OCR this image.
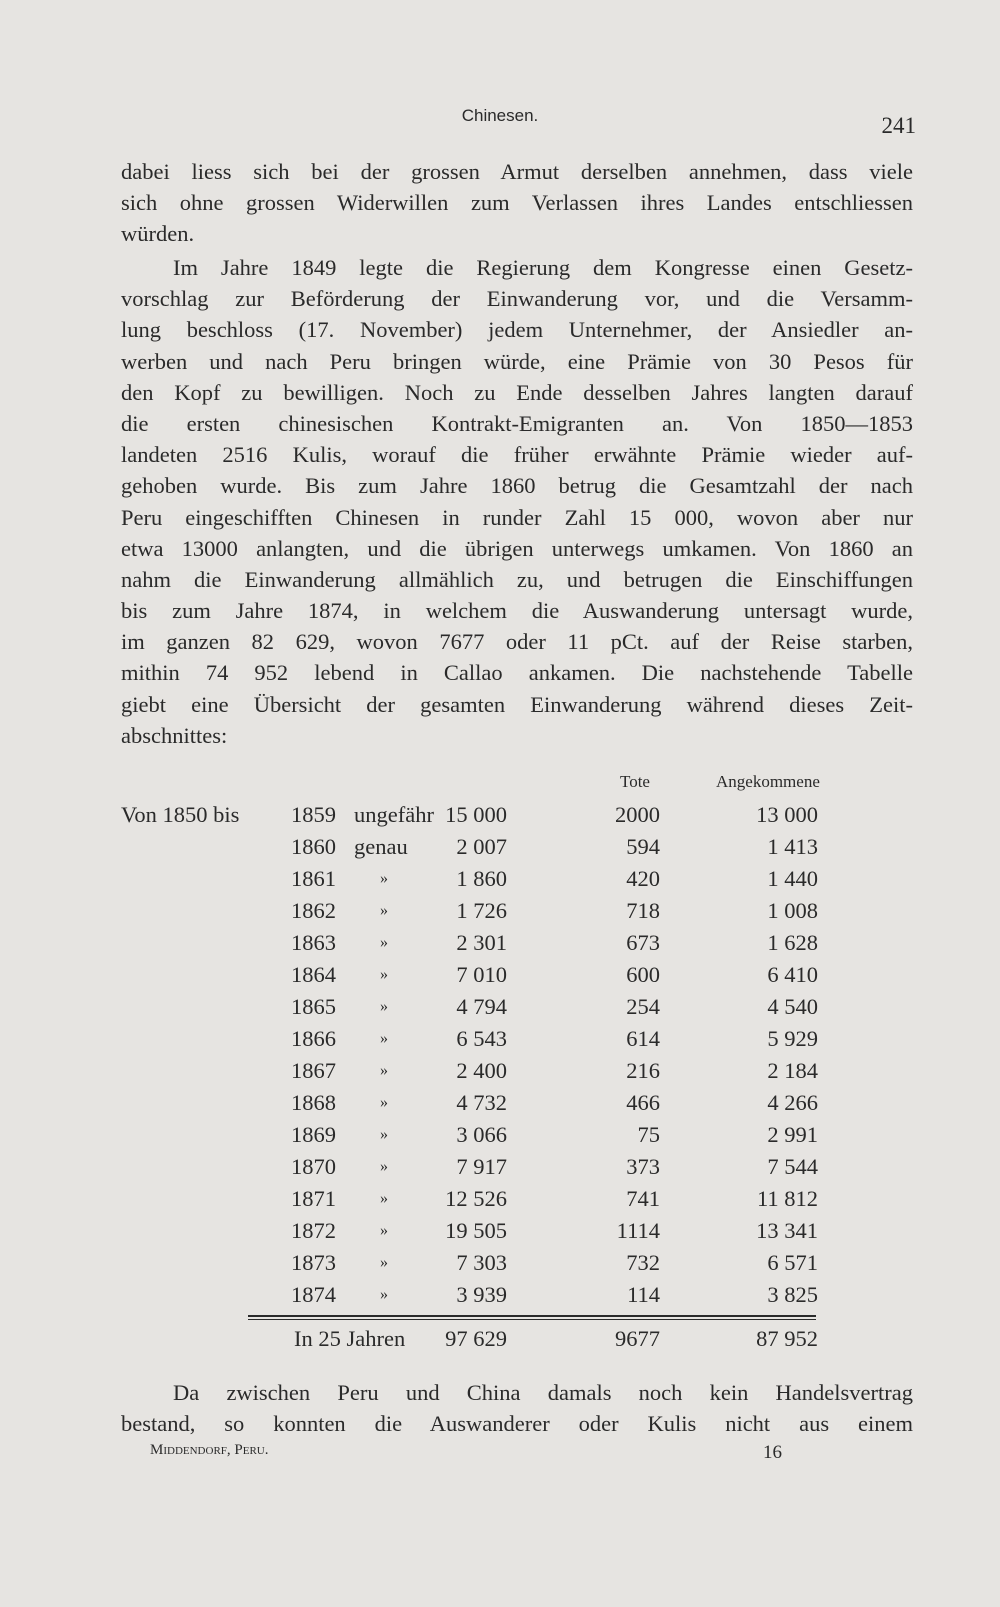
Chinesen.	241
dabei liess sich bei der grossen Armut derselben annehmen, dass viele
sich ohne grossen Widerwillen zum Verlassen ihres Landes entschliessen
würden.
Im Jahre 1849 legte die Regierung dem Kongresse einen Gesetz-
vorschlag zur Beförderung der Einwanderung vor, und die Versamm-
lung beschloss (17. November) jedem Unternehmer, der Ansiedler an-
werben und nach Peru bringen würde, eine Prämie von 30 Pesos für
den Kopf zu bewilligen. Noch zu Ende desselben Jahres langten darauf
die ersten chinesischen Kontrakt-Emigranten an. Von 1850—1853
landeten 2516 Kulis, worauf die früher erwähnte Prämie wieder auf-
gehoben wurde. Bis zum Jahre 1860 betrug die Gesamtzahl der nach
Peru eingeschifften Chinesen in runder Zahl 15 000, wovon aber nur
etwa 13000 anlangten, und die übrigen unterwegs umkamen. Von 1860 an
nahm die Einwanderung allmählich zu, und betrugen die Einschiffungen
bis zum Jahre 1874, in welchem die Auswanderung untersagt wurde,
im ganzen 82 629, wovon 7677 oder 11 pCt. auf der Reise starben,
mithin 74 952 lebend in Callao ankamen. Die nachstehende Tabelle
giebt eine Übersicht der gesamten Einwanderung während dieses Zeit-
abschnittes:
Tote	Angekommene
Von 1850 bis 1859 ungefähr 15 000	2000	13 000
1860 genau 2 007	594	1 413
1861	»	1 860	420	1 440
1862	»	1 726	718	1 008
1863	»	2 301	673	1 628
1864	»	7 010	600	6 410
1865	»	4 794	254	4 540
1866	»	6 543	614	5 929
1867	»	2 400	216	2 184
1868	»	4 732	466	4 266
1869	»	3 066	75	2 991
1870	»	7 917	373	7 544
1871	»	12 526	741	11 812
1872	»	19 505	1114	13 341
1873	»	7 303	732	6 571
1874	»	3 939	114	3 825
In 25 Jahren 97 629	9677	87 952
Da zwischen Peru und China damals noch kein Handelsvertrag
bestand, so konnten die Auswanderer oder Kulis nicht aus einem
Middendorf, Peru.	16
